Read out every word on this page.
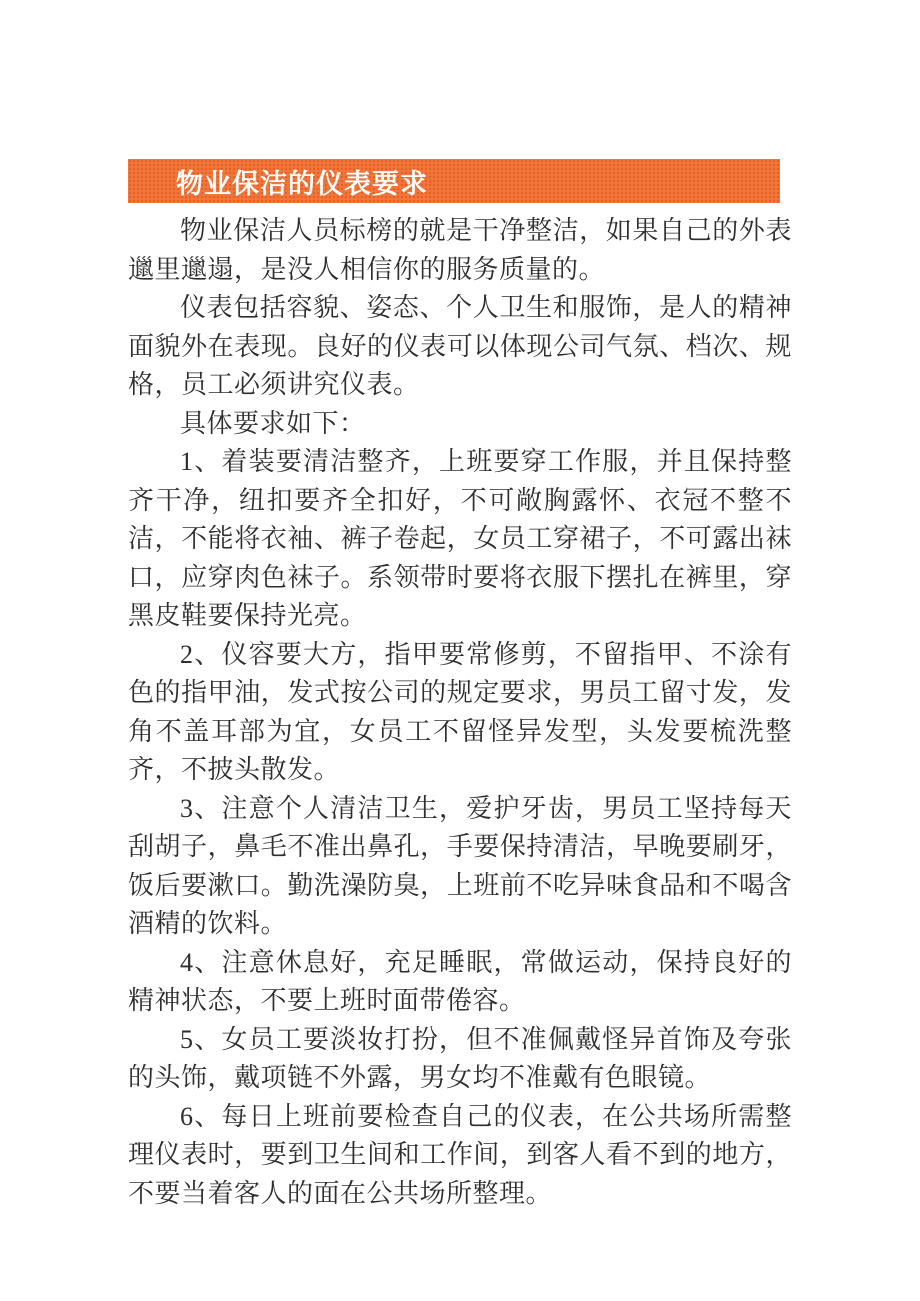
物业保洁的仪表要求

物业保洁人员标榜的就是干净整洁，如果自己的外表邋里邋遢，是没人相信你的服务质量的。

仪表包括容貌、姿态、个人卫生和服饰，是人的精神面貌外在表现。良好的仪表可以体现公司气氛、档次、规格，员工必须讲究仪表。

具体要求如下：

1、着装要清洁整齐，上班要穿工作服，并且保持整齐干净，纽扣要齐全扣好，不可敞胸露怀、衣冠不整不洁，不能将衣袖、裤子卷起，女员工穿裙子，不可露出袜口，应穿肉色袜子。系领带时要将衣服下摆扎在裤里，穿黑皮鞋要保持光亮。

2、仪容要大方，指甲要常修剪，不留指甲、不涂有色的指甲油，发式按公司的规定要求，男员工留寸发，发角不盖耳部为宜，女员工不留怪异发型，头发要梳洗整齐，不披头散发。

3、注意个人清洁卫生，爱护牙齿，男员工坚持每天刮胡子，鼻毛不准出鼻孔，手要保持清洁，早晚要刷牙，饭后要漱口。勤洗澡防臭，上班前不吃异味食品和不喝含酒精的饮料。

4、注意休息好，充足睡眠，常做运动，保持良好的精神状态，不要上班时面带倦容。

5、女员工要淡妆打扮，但不准佩戴怪异首饰及夸张的头饰，戴项链不外露，男女均不准戴有色眼镜。

6、每日上班前要检查自己的仪表，在公共场所需整理仪表时，要到卫生间和工作间，到客人看不到的地方，不要当着客人的面在公共场所整理。
